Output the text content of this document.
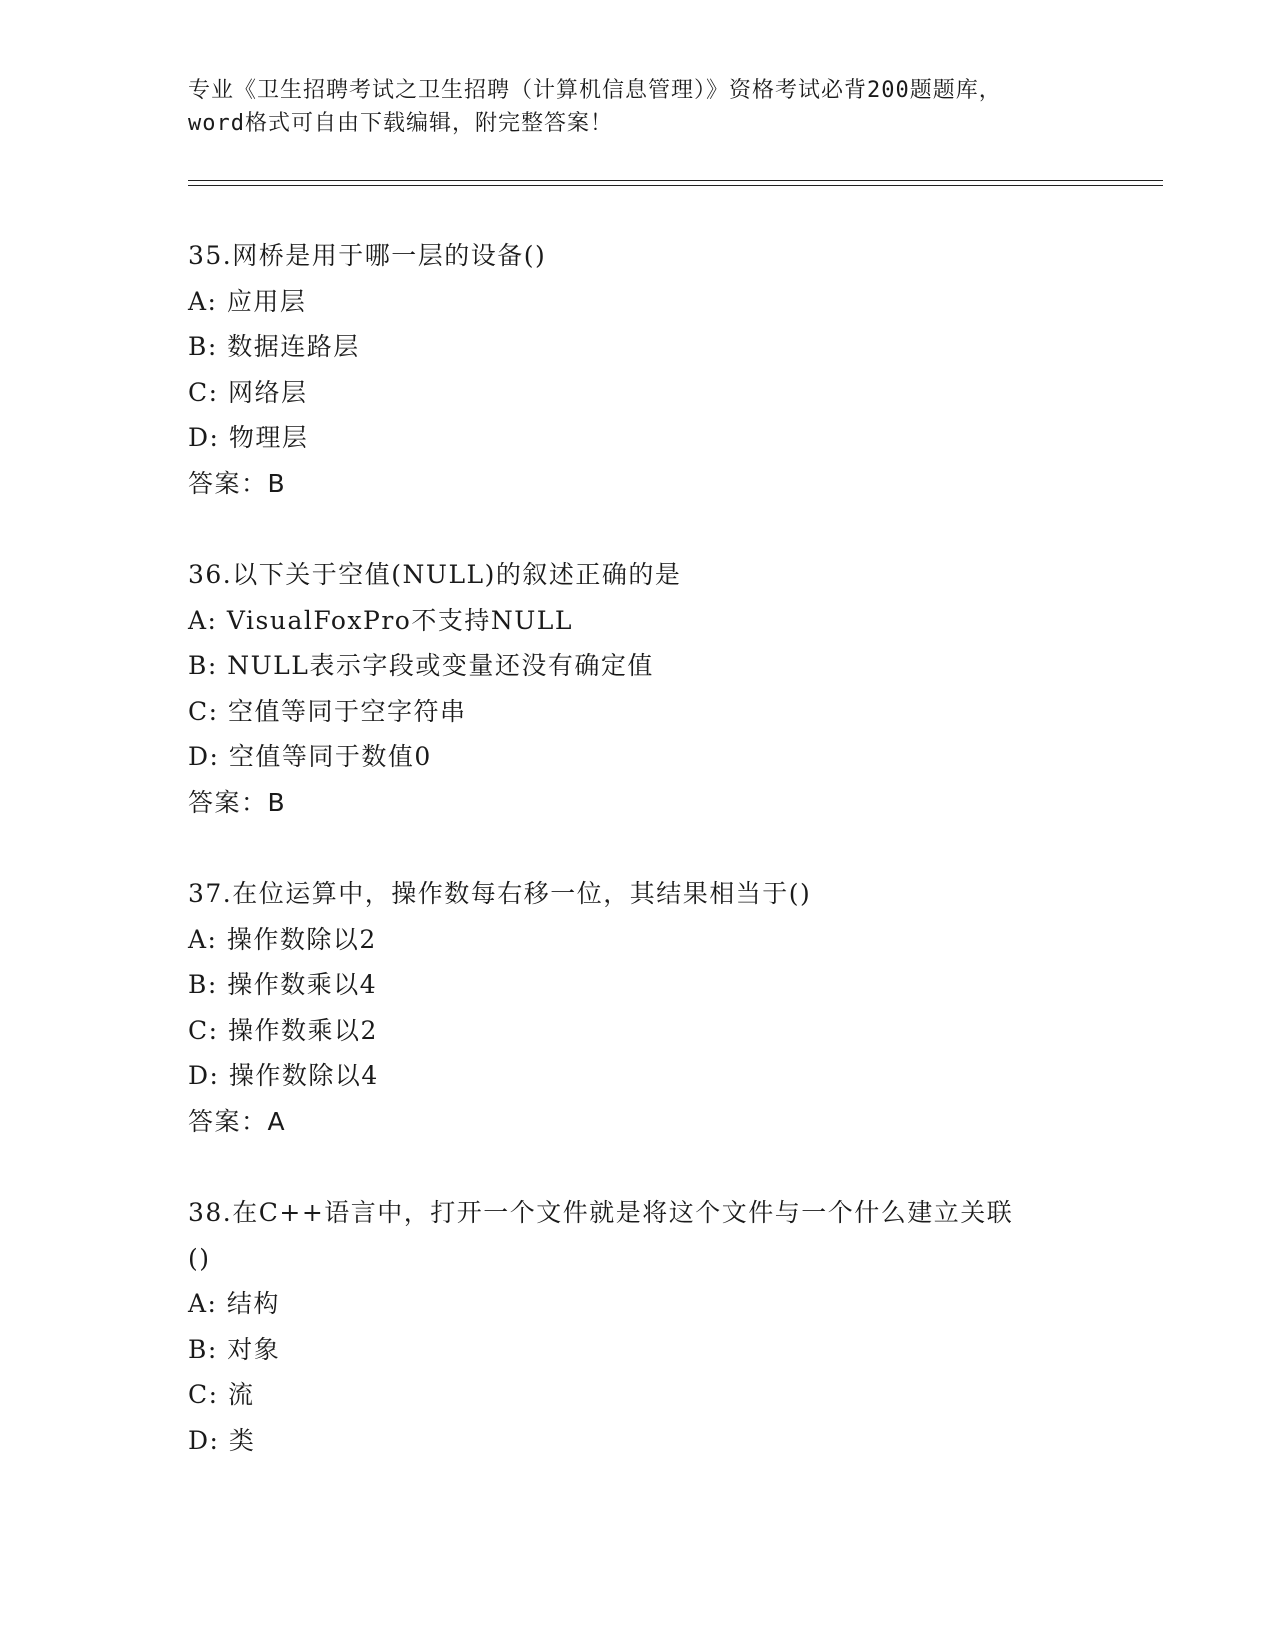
专业《卫生招聘考试之卫生招聘（计算机信息管理）》资格考试必背200题题库，
word格式可自由下载编辑，附完整答案！
35.网桥是用于哪一层的设备()
A: 应用层
B: 数据连路层
C: 网络层
D: 物理层
答案：B
36.以下关于空值(NULL)的叙述正确的是
A: VisualFoxPro不支持NULL
B: NULL表示字段或变量还没有确定值
C: 空值等同于空字符串
D: 空值等同于数值0
答案：B
37.在位运算中，操作数每右移一位，其结果相当于()
A: 操作数除以2
B: 操作数乘以4
C: 操作数乘以2
D: 操作数除以4
答案：A
38.在C++语言中，打开一个文件就是将这个文件与一个什么建立关联
()
A: 结构
B: 对象
C: 流
D: 类
